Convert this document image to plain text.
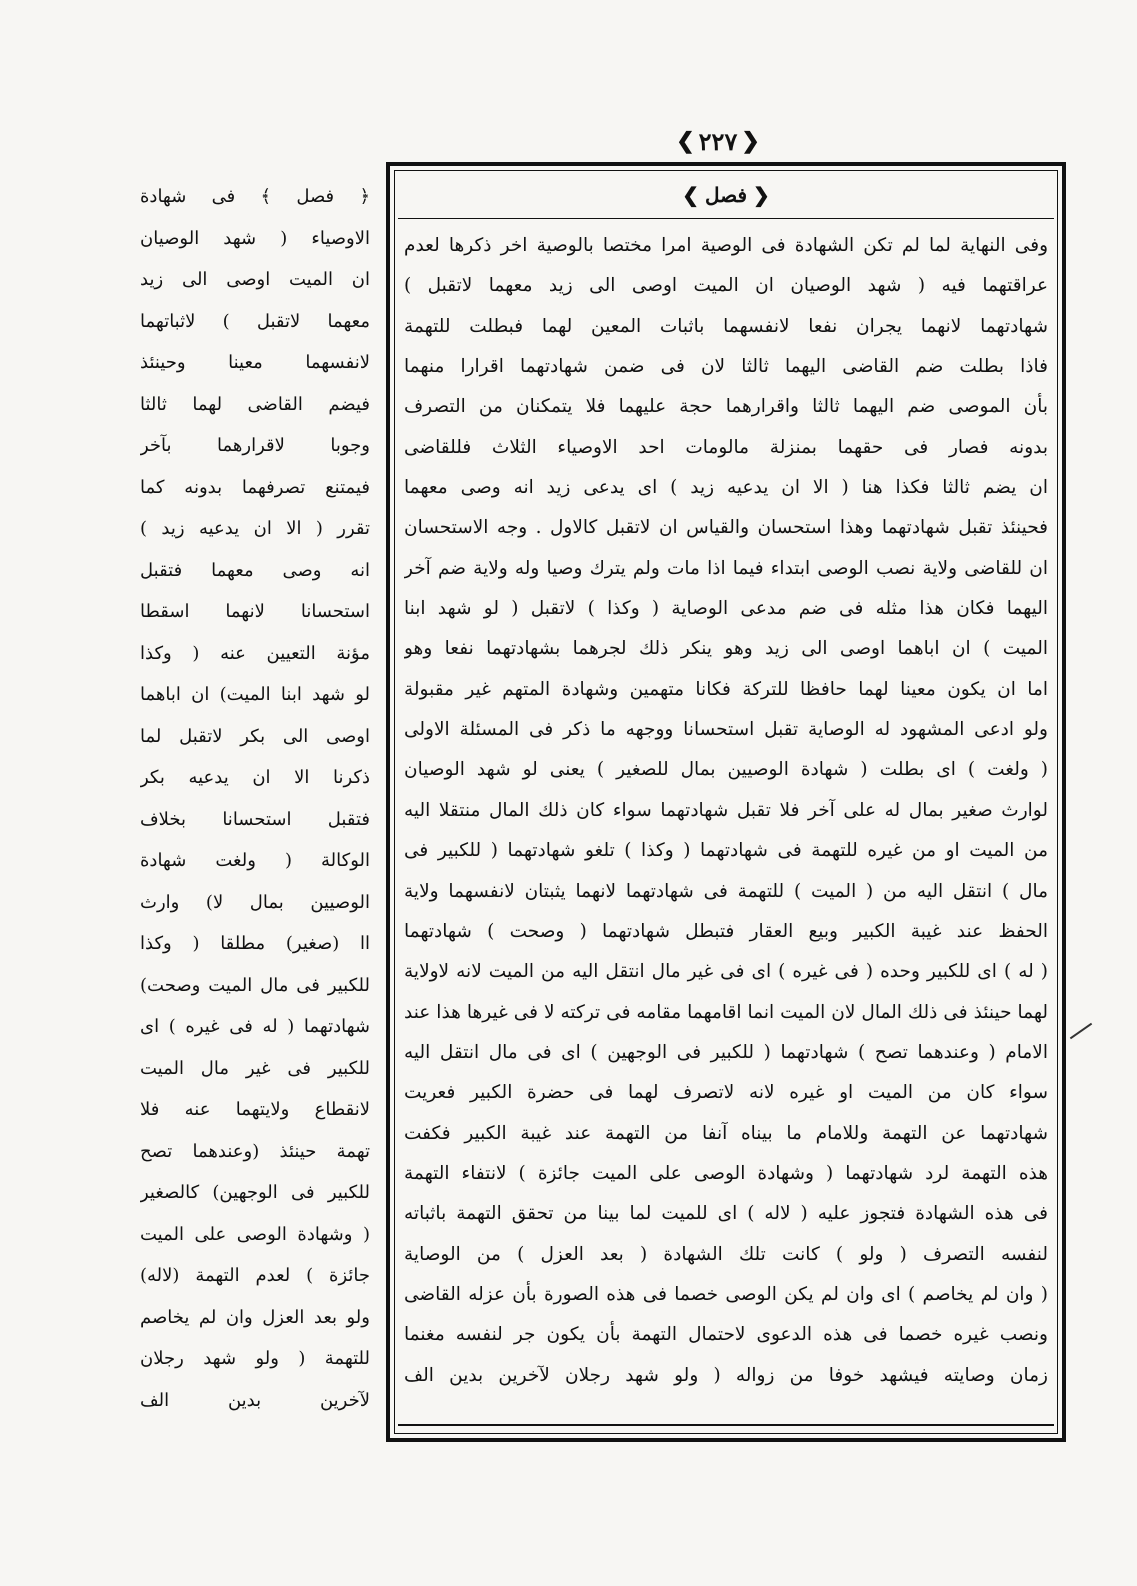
❮ ٢٢٧ ❯
❮ فصل ❯
وفى النهاية لما لم تكن الشهادة فى الوصية امرا مختصا بالوصية اخر ذكرها لعدم
عراقتهما فيه ( شهد الوصيان ان الميت اوصى الى زيد معهما لاتقبل )
شهادتهما لانهما يجران نفعا لانفسهما باثبات المعين لهما فبطلت للتهمة
فاذا بطلت ضم القاضى اليهما ثالثا لان فى ضمن شهادتهما اقرارا منهما
بأن الموصى ضم اليهما ثالثا واقرارهما حجة عليهما فلا يتمكنان من التصرف
بدونه فصار فى حقهما بمنزلة مالومات احد الاوصياء الثلاث فللقاضى
ان يضم ثالثا فكذا هنا ( الا ان يدعيه زيد ) اى يدعى زيد انه وصى معهما
فحينئذ تقبل شهادتهما وهذا استحسان والقياس ان لاتقبل كالاول . وجه الاستحسان
ان للقاضى ولاية نصب الوصى ابتداء فيما اذا مات ولم يترك وصيا وله ولاية ضم آخر
اليهما فكان هذا مثله فى ضم مدعى الوصاية ( وكذا ) لاتقبل ( لو شهد ابنا
الميت ) ان اباهما اوصى الى زيد وهو ينكر ذلك لجرهما بشهادتهما نفعا وهو
اما ان يكون معينا لهما حافظا للتركة فكانا متهمين وشهادة المتهم غير مقبولة
ولو ادعى المشهود له الوصاية تقبل استحسانا ووجهه ما ذكر فى المسئلة الاولى
( ولغت ) اى بطلت ( شهادة الوصيين بمال للصغير ) يعنى لو شهد الوصيان
لوارث صغير بمال له على آخر فلا تقبل شهادتهما سواء كان ذلك المال منتقلا اليه
من الميت او من غيره للتهمة فى شهادتهما ( وكذا ) تلغو شهادتهما ( للكبير فى
مال ) انتقل اليه من ( الميت ) للتهمة فى شهادتهما لانهما يثبتان لانفسهما ولاية
الحفظ عند غيبة الكبير وبيع العقار فتبطل شهادتهما ( وصحت ) شهادتهما
( له ) اى للكبير وحده ( فى غيره ) اى فى غير مال انتقل اليه من الميت لانه لاولاية
لهما حينئذ فى ذلك المال لان الميت انما اقامهما مقامه فى تركته لا فى غيرها هذا عند
الامام ( وعندهما تصح ) شهادتهما ( للكبير فى الوجهين ) اى فى مال انتقل اليه
سواء كان من الميت او غيره لانه لاتصرف لهما فى حضرة الكبير فعريت
شهادتهما عن التهمة وللامام ما بيناه آنفا من التهمة عند غيبة الكبير فكفت
هذه التهمة لرد شهادتهما ( وشهادة الوصى على الميت جائزة ) لانتفاء التهمة
فى هذه الشهادة فتجوز عليه ( لاله ) اى للميت لما بينا من تحقق التهمة باثباته
لنفسه التصرف ( ولو ) كانت تلك الشهادة ( بعد العزل ) من الوصاية
( وان لم يخاصم ) اى وان لم يكن الوصى خصما فى هذه الصورة بأن عزله القاضى
ونصب غيره خصما فى هذه الدعوى لاحتمال التهمة بأن يكون جر لنفسه مغنما
زمان وصايته فيشهد خوفا من زواله ( ولو شهد رجلان لآخرين بدين الف
﴿ فصل ﴾ فى شهادة
الاوصياء ( شهد الوصيان
ان الميت اوصى الى زيد
معهما لاتقبل ) لاثباتهما
لانفسهما معينا وحينئذ
فيضم القاضى لهما ثالثا
وجوبا لاقرارهما بآخر
فيمتنع تصرفهما بدونه كما
تقرر ( الا ان يدعيه زيد )
انه وصى معهما فتقبل
استحسانا لانهما اسقطا
مؤنة التعيين عنه ( وكذا
لو شهد ابنا الميت) ان اباهما
اوصى الى بكر لاتقبل لما
ذكرنا الا ان يدعيه بكر
فتقبل استحسانا بخلاف
الوكالة ( ولغت شهادة
الوصيين بمال لا) وارث
اا (صغير) مطلقا ( وكذا
للكبير فى مال الميت وصحت)
شهادتهما ( له فى غيره ) اى
للكبير فى غير مال الميت
لانقطاع ولايتهما عنه فلا
تهمة حينئذ (وعندهما تصح
للكبير فى الوجهين) كالصغير
( وشهادة الوصى على الميت
جائزة ) لعدم التهمة (لاله)
ولو بعد العزل وان لم يخاصم
للتهمة ( ولو شهد رجلان
لآخرين بدين الف
